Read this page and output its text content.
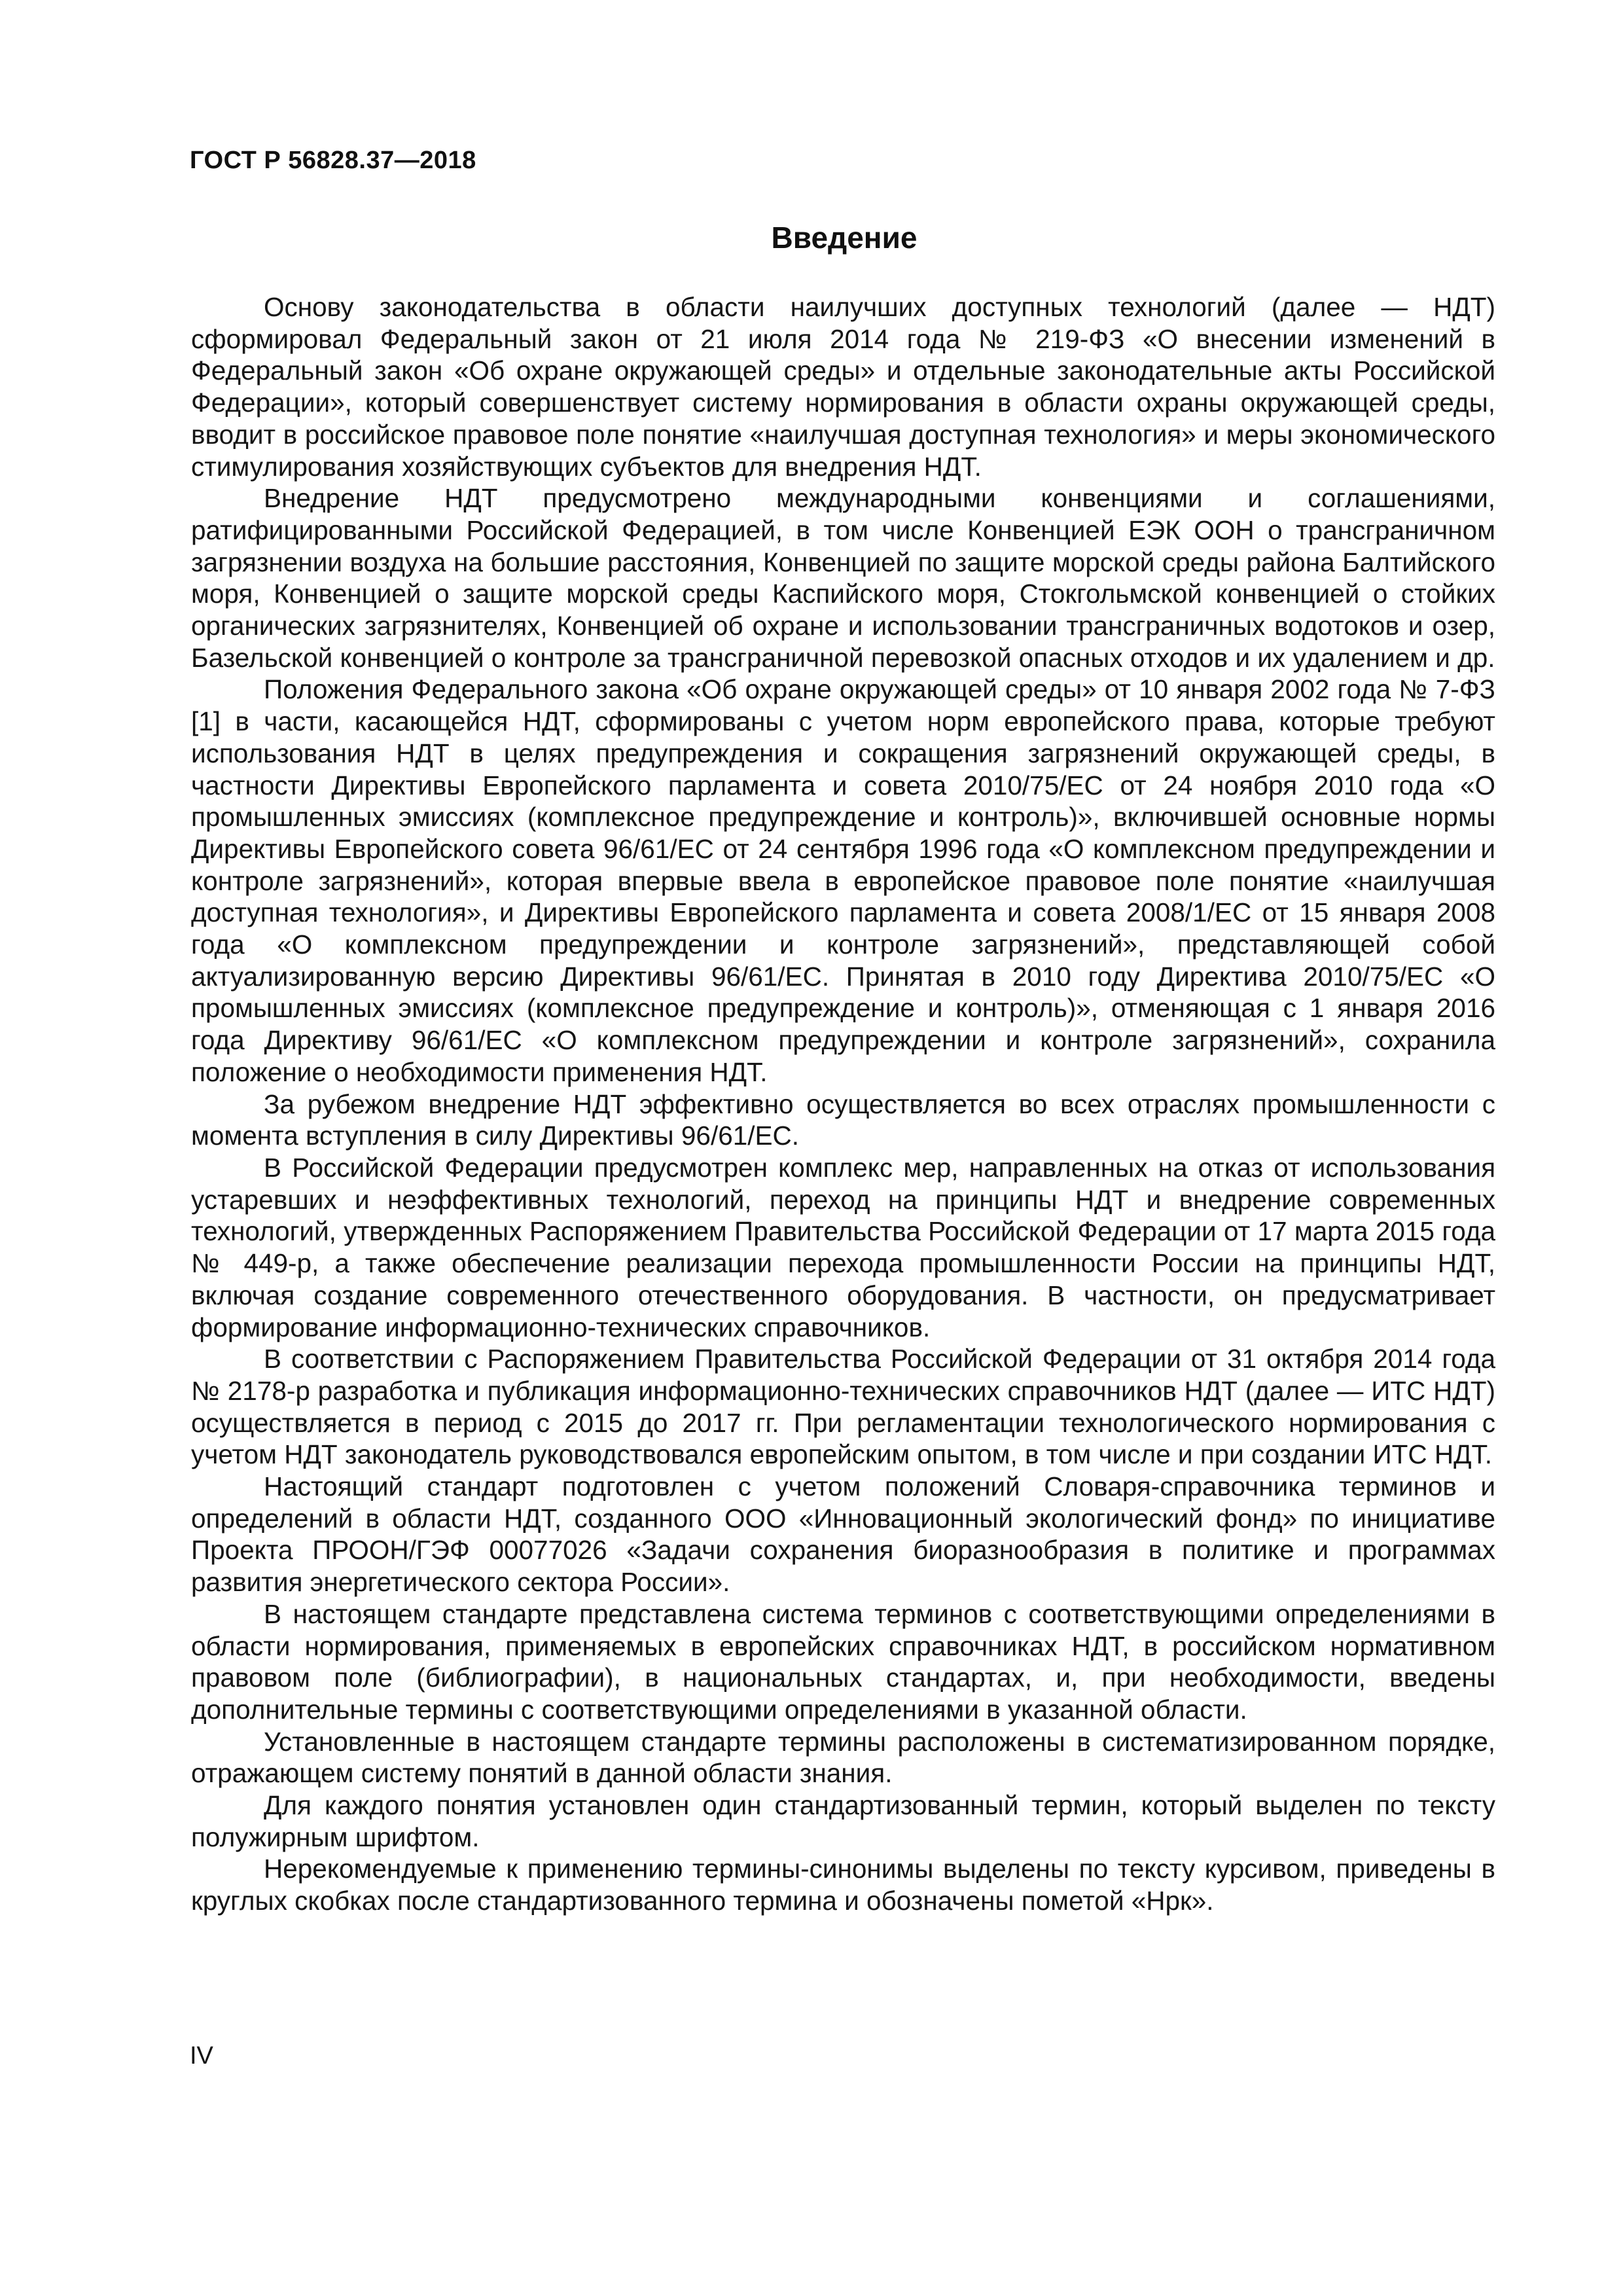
ГОСТ Р 56828.37—2018
Введение

Основу законодательства в области наилучших доступных технологий (далее — НДТ) сформировал Федеральный закон от 21 июля 2014 года № 219-ФЗ «О внесении изменений в Федеральный закон «Об охране окружающей среды» и отдельные законодательные акты Российской Федерации», который совершенствует систему нормирования в области охраны окружающей среды, вводит в российское правовое поле понятие «наилучшая доступная технология» и меры экономического стимулирования хозяйствующих субъектов для внедрения НДТ.

Внедрение НДТ предусмотрено международными конвенциями и соглашениями, ратифицированными Российской Федерацией, в том числе Конвенцией ЕЭК ООН о трансграничном загрязнении воздуха на большие расстояния, Конвенцией по защите морской среды района Балтийского моря, Конвенцией о защите морской среды Каспийского моря, Стокгольмской конвенцией о стойких органических загрязнителях, Конвенцией об охране и использовании трансграничных водотоков и озер, Базельской конвенцией о контроле за трансграничной перевозкой опасных отходов и их удалением и др.

Положения Федерального закона «Об охране окружающей среды» от 10 января 2002 года № 7-ФЗ [1] в части, касающейся НДТ, сформированы с учетом норм европейского права, которые требуют использования НДТ в целях предупреждения и сокращения загрязнений окружающей среды, в частности Директивы Европейского парламента и совета 2010/75/ЕС от 24 ноября 2010 года «О промышленных эмиссиях (комплексное предупреждение и контроль)», включившей основные нормы Директивы Европейского совета 96/61/ЕС от 24 сентября 1996 года «О комплексном предупреждении и контроле загрязнений», которая впервые ввела в европейское правовое поле понятие «наилучшая доступная технология», и Директивы Европейского парламента и совета 2008/1/ЕС от 15 января 2008 года «О комплексном предупреждении и контроле загрязнений», представляющей собой актуализированную версию Директивы 96/61/ЕС. Принятая в 2010 году Директива 2010/75/ЕС «О промышленных эмиссиях (комплексное предупреждение и контроль)», отменяющая с 1 января 2016 года Директиву 96/61/ЕС «О комплексном предупреждении и контроле загрязнений», сохранила положение о необходимости применения НДТ.

За рубежом внедрение НДТ эффективно осуществляется во всех отраслях промышленности с момента вступления в силу Директивы 96/61/ЕС.

В Российской Федерации предусмотрен комплекс мер, направленных на отказ от использования устаревших и неэффективных технологий, переход на принципы НДТ и внедрение современных технологий, утвержденных Распоряжением Правительства Российской Федерации от 17 марта 2015 года № 449-р, а также обеспечение реализации перехода промышленности России на принципы НДТ, включая создание современного отечественного оборудования. В частности, он предусматривает формирование информационно-технических справочников.

В соответствии с Распоряжением Правительства Российской Федерации от 31 октября 2014 года № 2178-р разработка и публикация информационно-технических справочников НДТ (далее — ИТС НДТ) осуществляется в период с 2015 до 2017 гг. При регламентации технологического нормирования с учетом НДТ законодатель руководствовался европейским опытом, в том числе и при создании ИТС НДТ.

Настоящий стандарт подготовлен с учетом положений Словаря-справочника терминов и определений в области НДТ, созданного ООО «Инновационный экологический фонд» по инициативе Проекта ПРООН/ГЭФ 00077026 «Задачи сохранения биоразнообразия в политике и программах развития энергетического сектора России».

В настоящем стандарте представлена система терминов с соответствующими определениями в области нормирования, применяемых в европейских справочниках НДТ, в российском нормативном правовом поле (библиографии), в национальных стандартах, и, при необходимости, введены дополнительные термины с соответствующими определениями в указанной области.

Установленные в настоящем стандарте термины расположены в систематизированном порядке, отражающем систему понятий в данной области знания.

Для каждого понятия установлен один стандартизованный термин, который выделен по тексту полужирным шрифтом.

Нерекомендуемые к применению термины-синонимы выделены по тексту курсивом, приведены в круглых скобках после стандартизованного термина и обозначены пометой «Нрк».

IV
